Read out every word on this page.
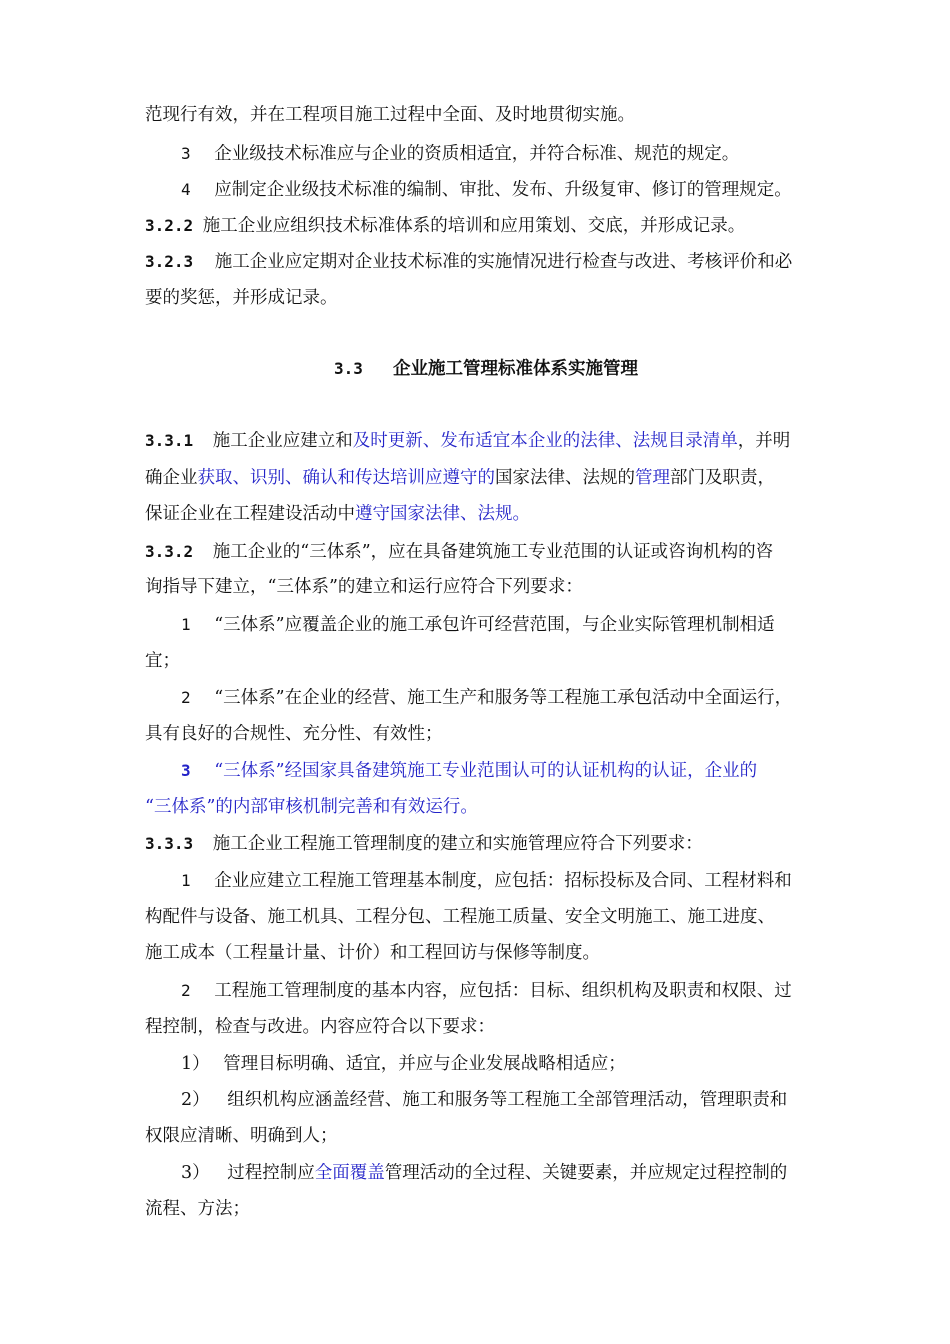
范现行有效，并在工程项目施工过程中全面、及时地贯彻实施。
3 企业级技术标准应与企业的资质相适宜，并符合标准、规范的规定。
4 应制定企业级技术标准的编制、审批、发布、升级复审、修订的管理规定。
3.2.2 施工企业应组织技术标准体系的培训和应用策划、交底，并形成记录。
3.2.3 施工企业应定期对企业技术标准的实施情况进行检查与改进、考核评价和必
要的奖惩，并形成记录。
3.3 企业施工管理标准体系实施管理
3.3.1 施工企业应建立和及时更新、发布适宜本企业的法律、法规目录清单，并明
确企业获取、识别、确认和传达培训应遵守的国家法律、法规的管理部门及职责，
保证企业在工程建设活动中遵守国家法律、法规。
3.3.2 施工企业的“三体系”，应在具备建筑施工专业范围的认证或咨询机构的咨
询指导下建立，“三体系”的建立和运行应符合下列要求：
1 “三体系”应覆盖企业的施工承包许可经营范围，与企业实际管理机制相适
宜；
2 “三体系”在企业的经营、施工生产和服务等工程施工承包活动中全面运行，
具有良好的合规性、充分性、有效性；
3 “三体系”经国家具备建筑施工专业范围认可的认证机构的认证，企业的
“三体系”的内部审核机制完善和有效运行。
3.3.3 施工企业工程施工管理制度的建立和实施管理应符合下列要求：
1 企业应建立工程施工管理基本制度，应包括：招标投标及合同、工程材料和
构配件与设备、施工机具、工程分包、工程施工质量、安全文明施工、施工进度、
施工成本（工程量计量、计价）和工程回访与保修等制度。
2 工程施工管理制度的基本内容，应包括：目标、组织机构及职责和权限、过
程控制，检查与改进。内容应符合以下要求：
1） 管理目标明确、适宜，并应与企业发展战略相适应；
2） 组织机构应涵盖经营、施工和服务等工程施工全部管理活动，管理职责和
权限应清晰、明确到人；
3） 过程控制应全面覆盖管理活动的全过程、关键要素，并应规定过程控制的
流程、方法；
